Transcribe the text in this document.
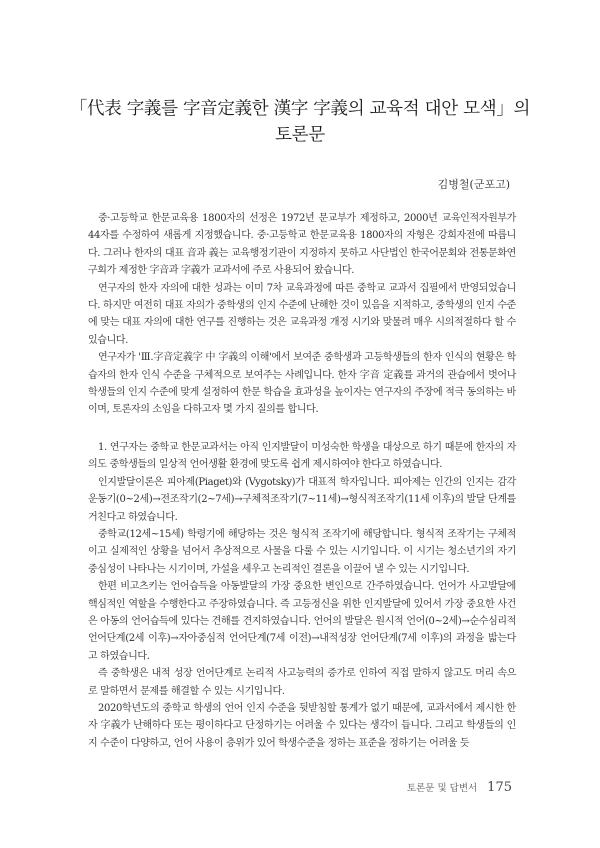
「代表 字義를 字音定義한 漢字 字義의 교육적 대안 모색」의
토론문
김병철(군포고)

중·고등학교 한문교육용 1800자의 선정은 1972년 문교부가 제정하고, 2000년 교육인적자원부가 44자를 수정하여 새롭게 지정했습니다. 중·고등학교 한문교육용 1800자의 자형은 강희자전에 따릅니다. 그러나 한자의 대표 音과 義는 교육행정기관이 지정하지 못하고 사단법인 한국어문회와 전통문화연구회가 제정한 字音과 字義가 교과서에 주로 사용되어 왔습니다.

연구자의 한자 자의에 대한 성과는 이미 7차 교육과정에 따른 중학교 교과서 집필에서 반영되었습니다. 하지만 여전히 대표 자의가 중학생의 인지 수준에 난해한 것이 있음을 지적하고, 중학생의 인지 수준에 맞는 대표 자의에 대한 연구를 진행하는 것은 교육과정 개정 시기와 맞물려 매우 시의적절하다 할 수 있습니다.

연구자가 'Ⅲ.字音定義字 中 字義의 이해'에서 보여준 중학생과 고등학생들의 한자 인식의 현황은 학습자의 한자 인식 수준을 구체적으로 보여주는 사례입니다. 한자 字音 定義를 과거의 관습에서 벗어나 학생들의 인지 수준에 맞게 설정하여 한문 학습을 효과성을 높이자는 연구자의 주장에 적극 동의하는 바이며, 토론자의 소임을 다하고자 몇 가지 질의를 합니다.

1. 연구자는 중학교 한문교과서는 아직 인지발달이 미성숙한 학생을 대상으로 하기 때문에 한자의 자의도 중학생들의 일상적 언어생활 환경에 맞도록 쉽게 제시하여야 한다고 하였습니다.

인지발달이론은 피아제(Piaget)와 (Vygotsky)가 대표적 학자입니다. 피아제는 인간의 인지는 감각운동기(0~2세)→전조작기(2~7세)→구체적조작기(7~11세)→형식적조작기(11세 이후)의 발달 단계를 거친다고 하였습니다.

중학교(12세~15세) 학령기에 해당하는 것은 형식적 조작기에 해당합니다. 형식적 조작기는 구체적이고 실제적인 상황을 넘어서 추상적으로 사물을 다룰 수 있는 시기입니다. 이 시기는 청소년기의 자기중심성이 나타나는 시기이며, 가설을 세우고 논리적인 결론을 이끌어 낼 수 있는 시기입니다.

한편 비고츠키는 언어습득을 아동발달의 가장 중요한 변인으로 간주하였습니다. 언어가 사고발달에 핵심적인 역할을 수행한다고 주장하였습니다. 즉 고등정신을 위한 인지발달에 있어서 가장 중요한 사건은 아동의 언어습득에 있다는 견해를 견지하였습니다. 언어의 발달은 원시적 언어(0~2세)→순수심리적 언어단계(2세 이후)→자아중심적 언어단계(7세 이전)→내적성장 언어단계(7세 이후)의 과정을 밟는다고 하였습니다.

즉 중학생은 내적 성장 언어단계로 논리적 사고능력의 증가로 인하여 직접 말하지 않고도 머리 속으로 말하면서 문제를 해결할 수 있는 시기입니다.

2020학년도의 중학교 학생의 언어 인지 수준을 뒷받침할 통계가 없기 때문에, 교과서에서 제시한 한자 字義가 난해하다 또는 평이하다고 단정하기는 어려울 수 있다는 생각이 듭니다. 그리고 학생들의 인지 수준이 다양하고, 언어 사용이 층위가 있어 학생수준을 정하는 표준을 정하기는 어려울 듯

토론문 및 답변서 175
